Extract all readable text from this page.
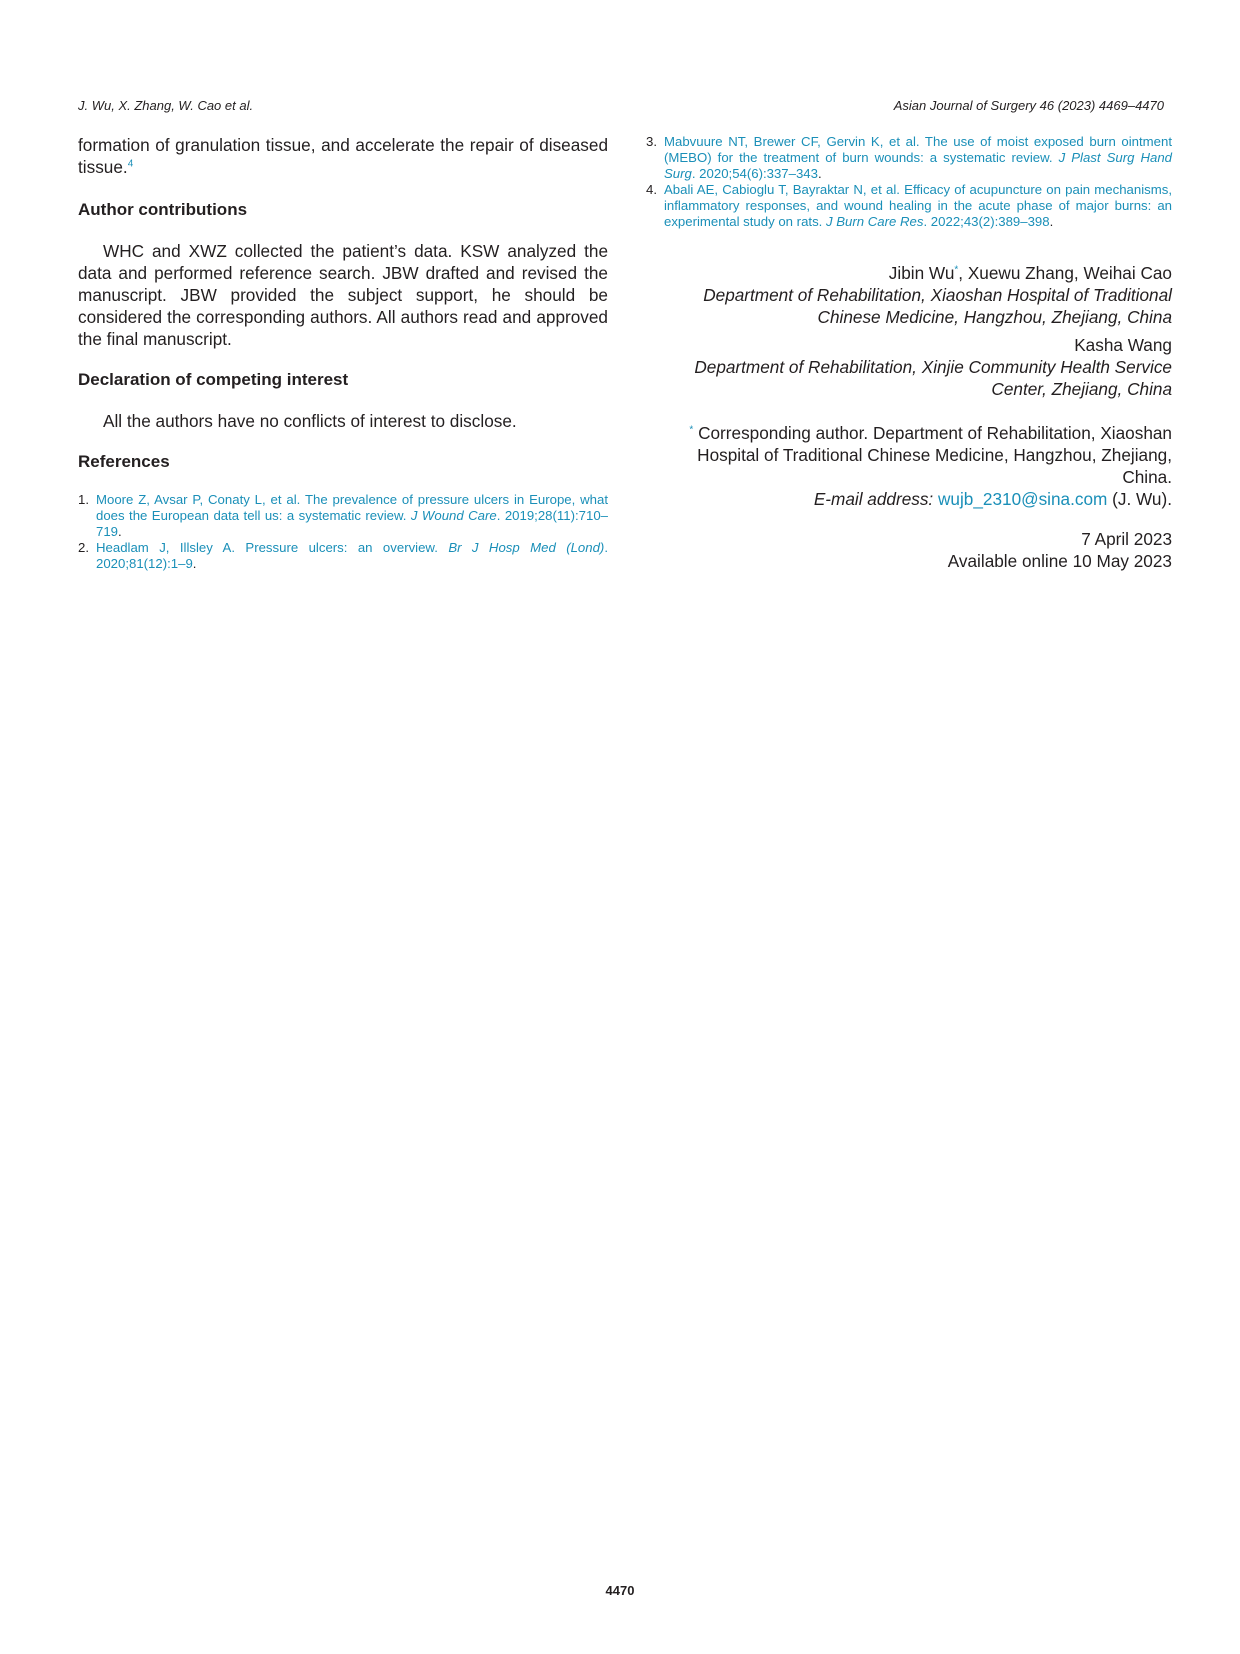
J. Wu, X. Zhang, W. Cao et al.	Asian Journal of Surgery 46 (2023) 4469–4470

formation of granulation tissue, and accelerate the repair of diseased tissue.$^4$

Author contributions

WHC and XWZ collected the patient’s data. KSW analyzed the data and performed reference search. JBW drafted and revised the manuscript. JBW provided the subject support, he should be considered the corresponding authors. All authors read and approved the final manuscript.

Declaration of competing interest

All the authors have no conflicts of interest to disclose.

References
1. Moore Z, Avsar P, Conaty L, et al. The prevalence of pressure ulcers in Europe, what does the European data tell us: a systematic review. J Wound Care. 2019;28(11):710–719.
2. Headlam J, Illsley A. Pressure ulcers: an overview. Br J Hosp Med (Lond). 2020;81(12):1–9.
3. Mabvuure NT, Brewer CF, Gervin K, et al. The use of moist exposed burn ointment (MEBO) for the treatment of burn wounds: a systematic review. J Plast Surg Hand Surg. 2020;54(6):337–343.
4. Abali AE, Cabioglu T, Bayraktar N, et al. Efficacy of acupuncture on pain mechanisms, inflammatory responses, and wound healing in the acute phase of major burns: an experimental study on rats. J Burn Care Res. 2022;43(2):389–398.
Jibin Wu*, Xuewu Zhang, Weihai Cao
Department of Rehabilitation, Xiaoshan Hospital of Traditional
Chinese Medicine, Hangzhou, Zhejiang, China
Kasha Wang
Department of Rehabilitation, Xinjie Community Health Service
Center, Zhejiang, China
* Corresponding author. Department of Rehabilitation, Xiaoshan
Hospital of Traditional Chinese Medicine, Hangzhou, Zhejiang,
China.
E-mail address: wujb_2310@sina.com (J. Wu).
7 April 2023
Available online 10 May 2023
4470
